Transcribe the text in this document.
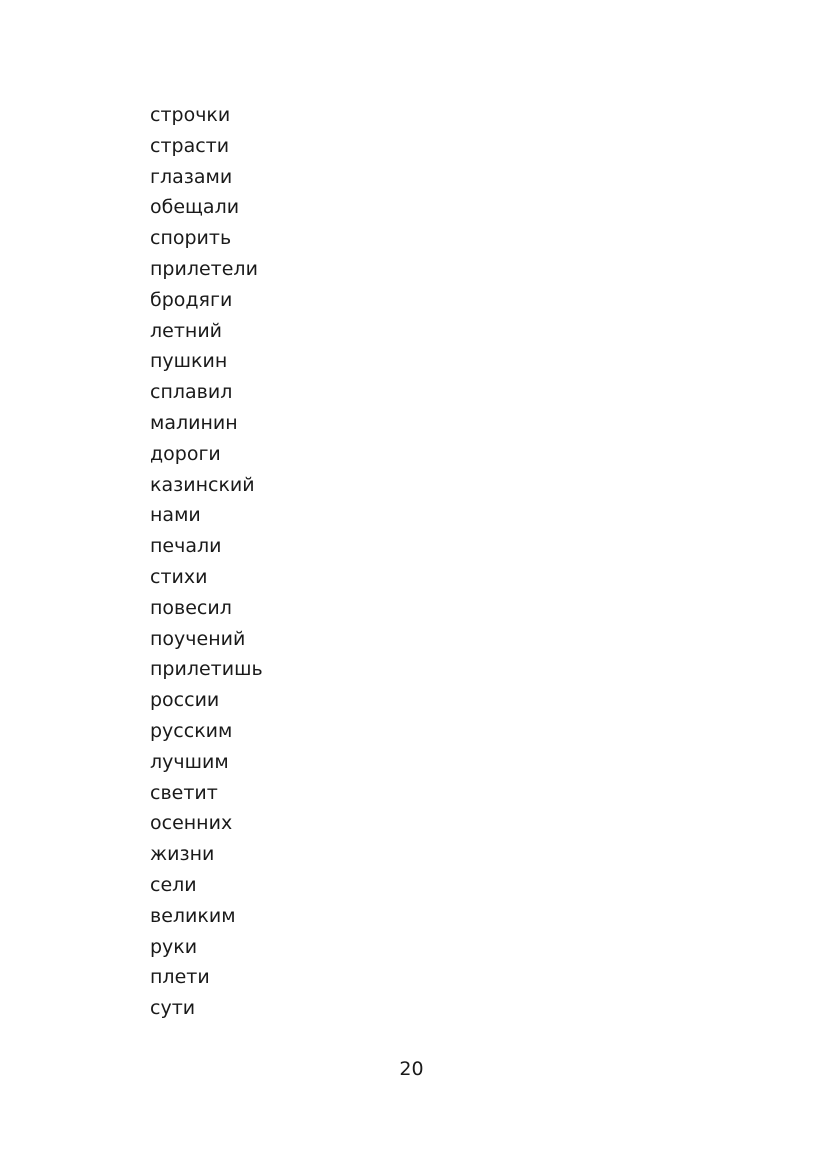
строчки
страсти
глазами
обещали
спорить
прилетели
бродяги
летний
пушкин
сплавил
малинин
дороги
казинский
нами
печали
стихи
повесил
поучений
прилетишь
россии
русским
лучшим
светит
осенних
жизни
сели
великим
руки
плети
сути
20
